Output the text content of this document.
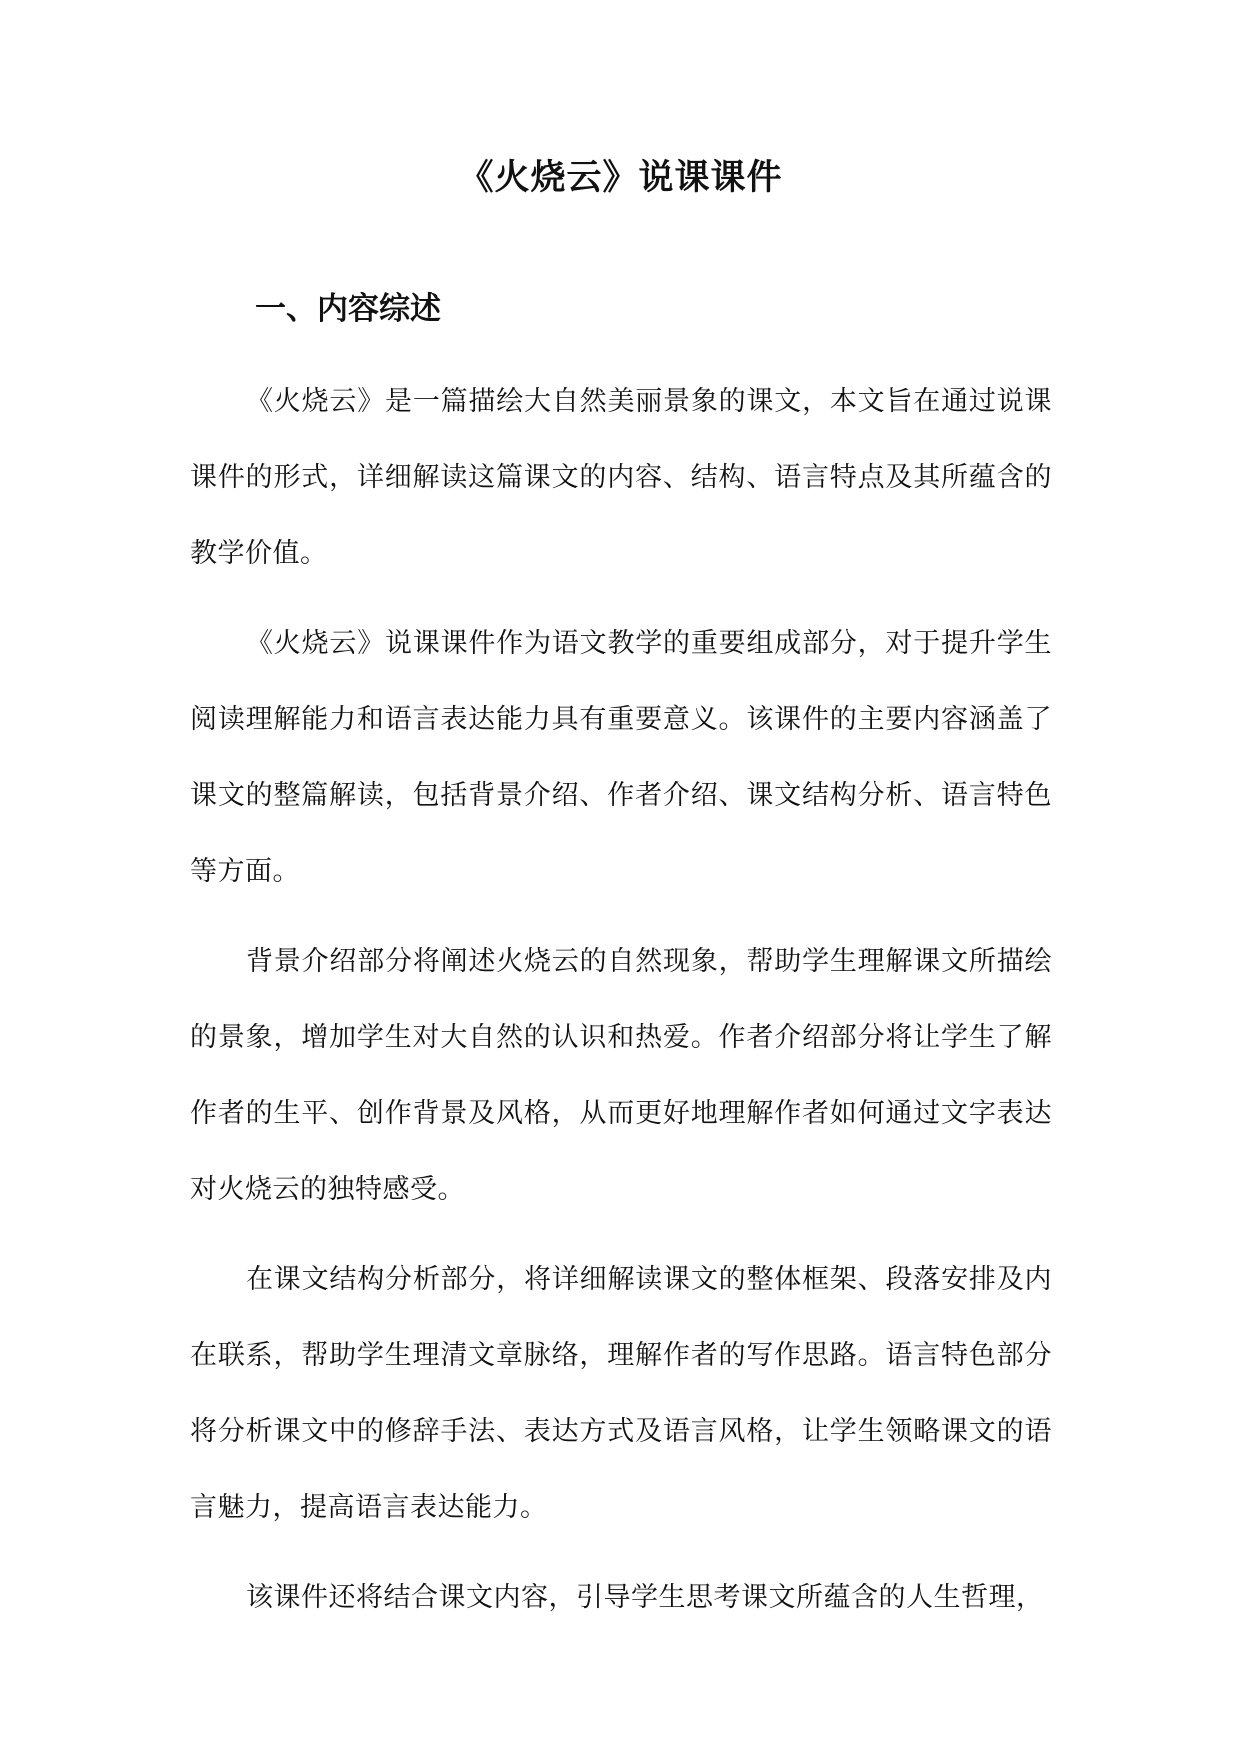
《火烧云》说课课件
一、内容综述

《火烧云》是一篇描绘大自然美丽景象的课文，本文旨在通过说课课件的形式，详细解读这篇课文的内容、结构、语言特点及其所蕴含的教学价值。

《火烧云》说课课件作为语文教学的重要组成部分，对于提升学生阅读理解能力和语言表达能力具有重要意义。该课件的主要内容涵盖了课文的整篇解读，包括背景介绍、作者介绍、课文结构分析、语言特色等方面。

背景介绍部分将阐述火烧云的自然现象，帮助学生理解课文所描绘的景象，增加学生对大自然的认识和热爱。作者介绍部分将让学生了解作者的生平、创作背景及风格，从而更好地理解作者如何通过文字表达对火烧云的独特感受。

在课文结构分析部分，将详细解读课文的整体框架、段落安排及内在联系，帮助学生理清文章脉络，理解作者的写作思路。语言特色部分将分析课文中的修辞手法、表达方式及语言风格，让学生领略课文的语言魅力，提高语言表达能力。

该课件还将结合课文内容，引导学生思考课文所蕴含的人生哲理，
